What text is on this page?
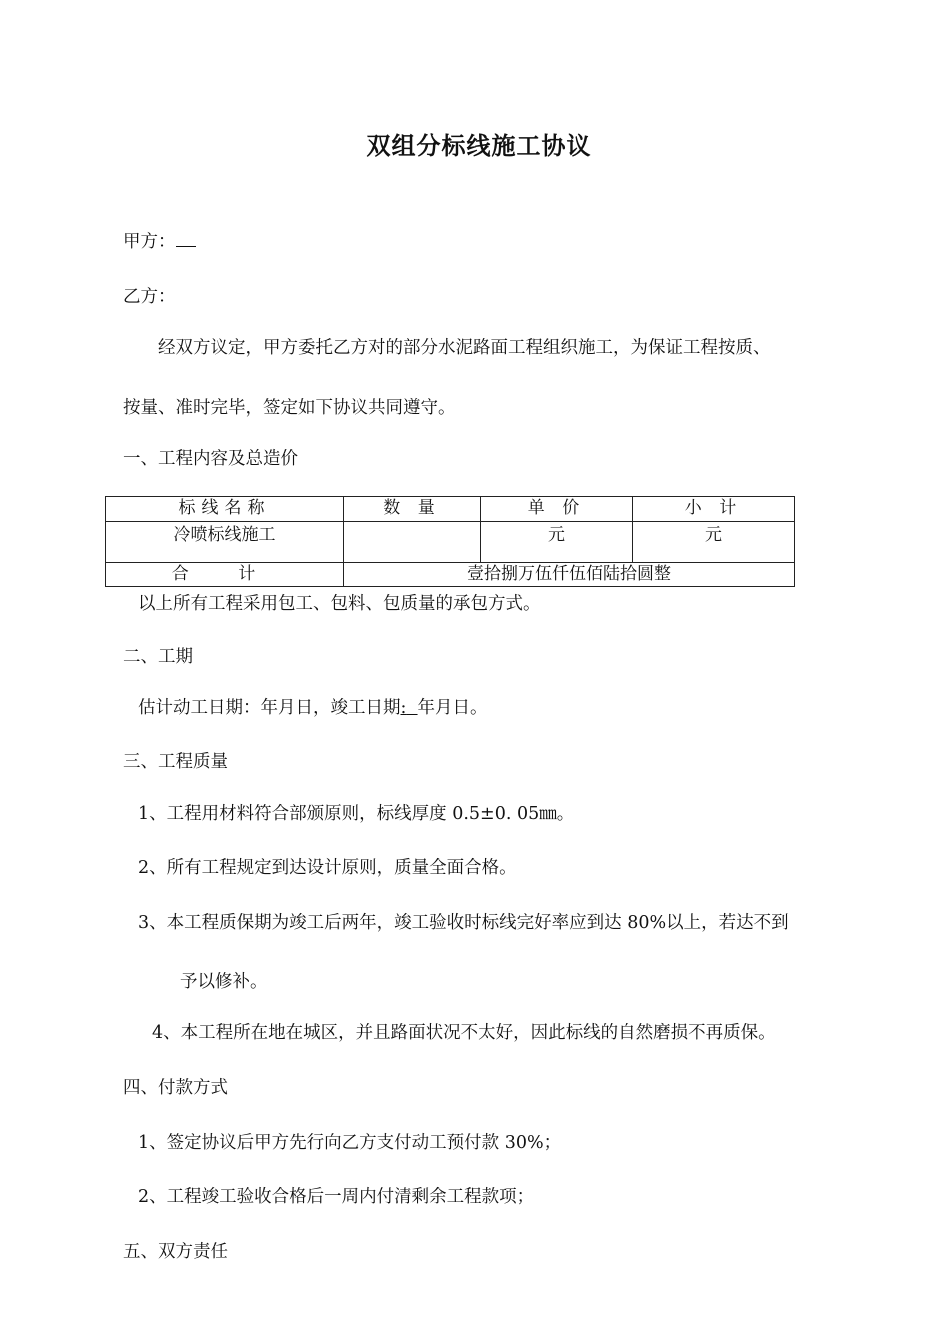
双组分标线施工协议
甲方：
乙方：
经双方议定，甲方委托乙方对的部分水泥路面工程组织施工，为保证工程按质、
按量、准时完毕，签定如下协议共同遵守。
一、工程内容及总造价
标线名称	数 量	单 价	小 计
冷喷标线施工		元	元
合 计	壹拾捌万伍仟伍佰陆拾圆整		
以上所有工程采用包工、包料、包质量的承包方式。
二、工期
估计动工日期：年月日，竣工日期: 年月日。
三、工程质量
1、工程用材料符合部颁原则，标线厚度 0.5±0. 05㎜。
2、所有工程规定到达设计原则，质量全面合格。
3、本工程质保期为竣工后两年，竣工验收时标线完好率应到达 80%以上，若达不到
予以修补。
4、本工程所在地在城区，并且路面状况不太好，因此标线的自然磨损不再质保。
四、付款方式
1、签定协议后甲方先行向乙方支付动工预付款 30%；
2、工程竣工验收合格后一周内付清剩余工程款项；
五、双方责任
